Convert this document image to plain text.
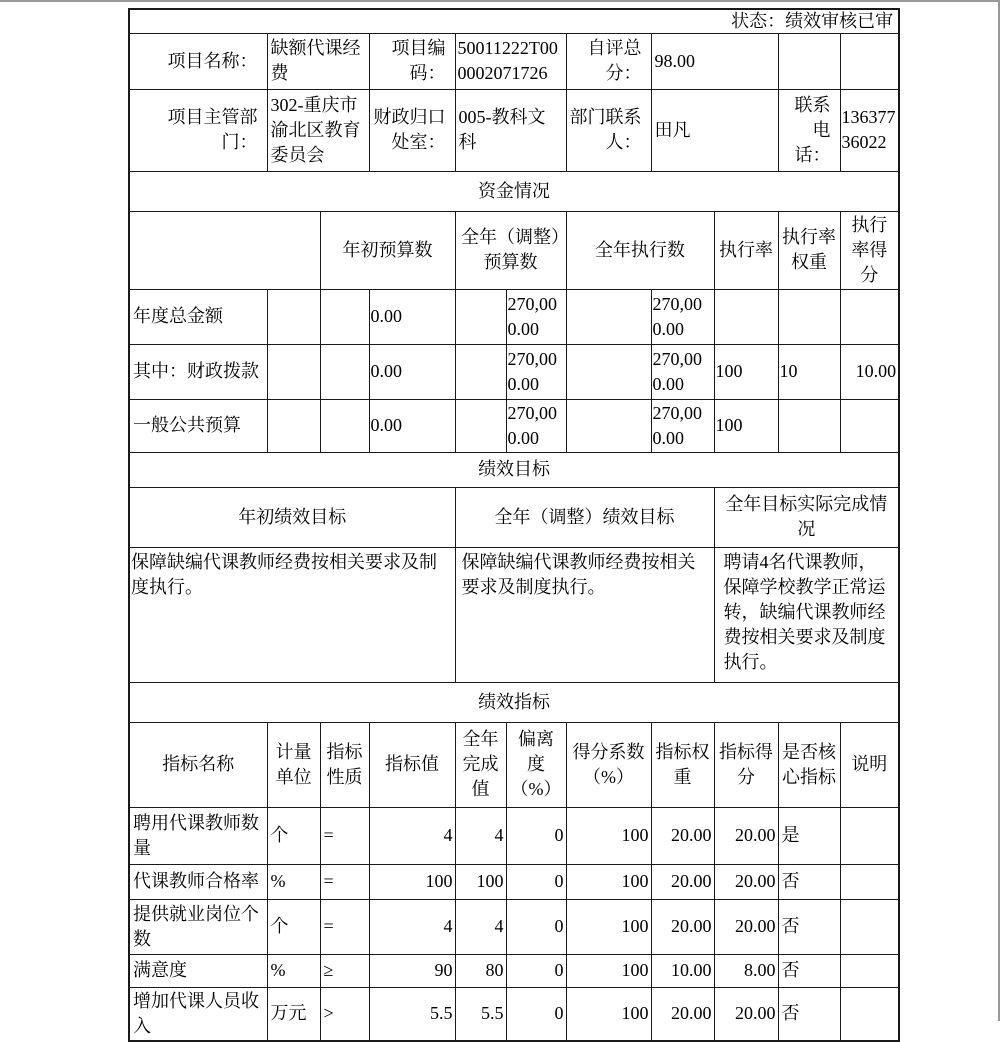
状态：绩效审核已审										
项目名称：	缺额代课经费		项目编码：	50011222T000002071726		自评总分：	98.00			
项目主管部门：	302-重庆市渝北区教育委员会		财政归口处室：	005-教科文科		部门联系人：	田凡		联系电话：	13637736022
资金情况										
		年初预算数		全年（调整）预算数		全年执行数		执行率	执行率权重	执行率得分
年度总金额			0.00		270,000.00		270,000.00			
其中：财政拨款			0.00		270,000.00		270,000.00	100	10	10.00
一般公共预算			0.00		270,000.00		270,000.00	100		
绩效目标										
年初绩效目标				全年（调整）绩效目标				全年目标实际完成情况		
保障缺编代课教师经费按相关要求及制度执行。				保障缺编代课教师经费按相关要求及制度执行。				聘请4名代课教师，保障学校教学正常运转，缺编代课教师经费按相关要求及制度执行。		
绩效指标										
指标名称	计量单位	指标性质	指标值	全年完成值	偏离度（%）	得分系数（%）	指标权重	指标得分	是否核心指标	说明
聘用代课教师数量	个	=	4	4	0	100	20.00	20.00	是	
代课教师合格率	%	=	100	100	0	100	20.00	20.00	否	
提供就业岗位个数	个	=	4	4	0	100	20.00	20.00	否	
满意度	%	≥	90	80	0	100	10.00	8.00	否	
增加代课人员收入	万元	>	5.5	5.5	0	100	20.00	20.00	否	
